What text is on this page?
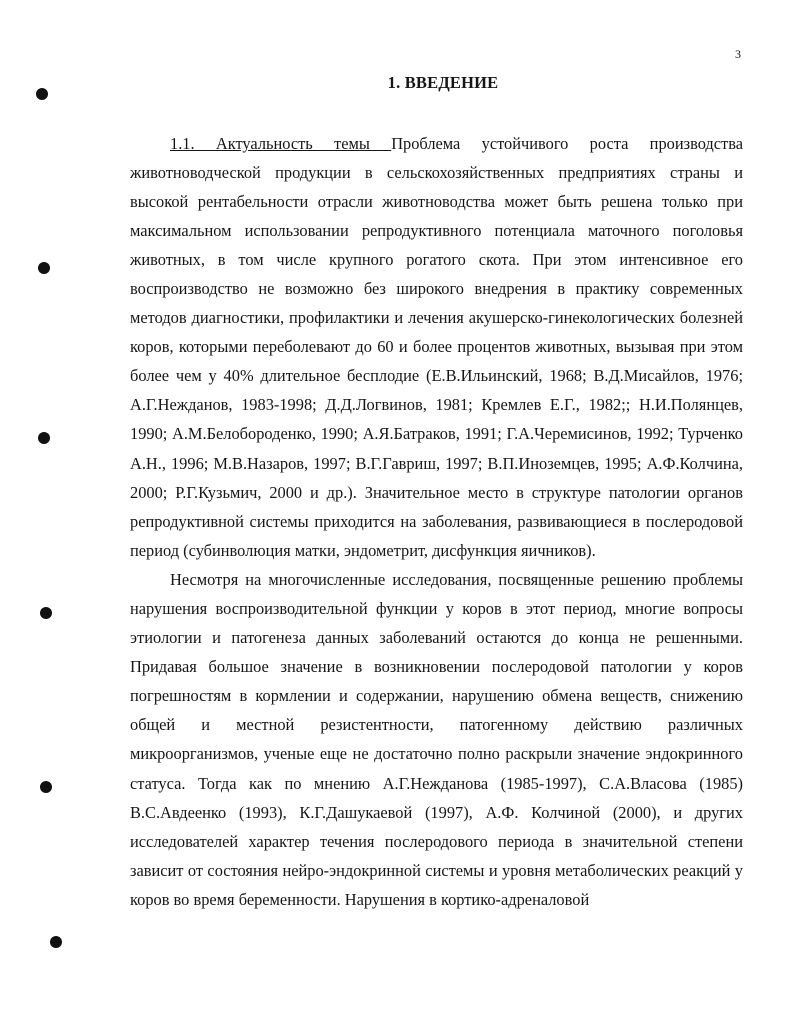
3
1. ВВЕДЕНИЕ

1.1. Актуальность темы Проблема устойчивого роста производства животноводческой продукции в сельскохозяйственных предприятиях страны и высокой рентабельности отрасли животноводства может быть решена только при максимальном использовании репродуктивного потенциала маточного поголовья животных, в том числе крупного рогатого скота. При этом интенсивное его воспроизводство не возможно без широкого внедрения в практику современных методов диагностики, профилактики и лечения акушерско-гинекологических болезней коров, которыми переболевают до 60 и более процентов животных, вызывая при этом более чем у 40% длительное бесплодие (Е.В.Ильинский, 1968; В.Д.Мисайлов, 1976; А.Г.Нежданов, 1983-1998; Д.Д.Логвинов, 1981; Кремлев Е.Г., 1982;; Н.И.Полянцев, 1990; А.М.Белобороденко, 1990; А.Я.Батраков, 1991; Г.А.Черемисинов, 1992; Турченко А.Н., 1996; М.В.Назаров, 1997; В.Г.Гавриш, 1997; В.П.Иноземцев, 1995; А.Ф.Колчина, 2000; Р.Г.Кузьмич, 2000 и др.). Значительное место в структуре патологии органов репродуктивной системы приходится на заболевания, развивающиеся в послеродовой период (субинволюция матки, эндометрит, дисфункция яичников).

Несмотря на многочисленные исследования, посвященные решению проблемы нарушения воспроизводительной функции у коров в этот период, многие вопросы этиологии и патогенеза данных заболеваний остаются до конца не решенными. Придавая большое значение в возникновении послеродовой патологии у коров погрешностям в кормлении и содержании, нарушению обмена веществ, снижению общей и местной резистентности, патогенному действию различных микроорганизмов, ученые еще не достаточно полно раскрыли значение эндокринного статуса. Тогда как по мнению А.Г.Нежданова (1985-1997), С.А.Власова (1985) В.С.Авдеенко (1993), К.Г.Дашукаевой (1997), А.Ф. Колчиной (2000), и других исследователей характер течения послеродового периода в значительной степени зависит от состояния нейро-эндокринной системы и уровня метаболических реакций у коров во время беременности. Нарушения в кортико-адреналовой
